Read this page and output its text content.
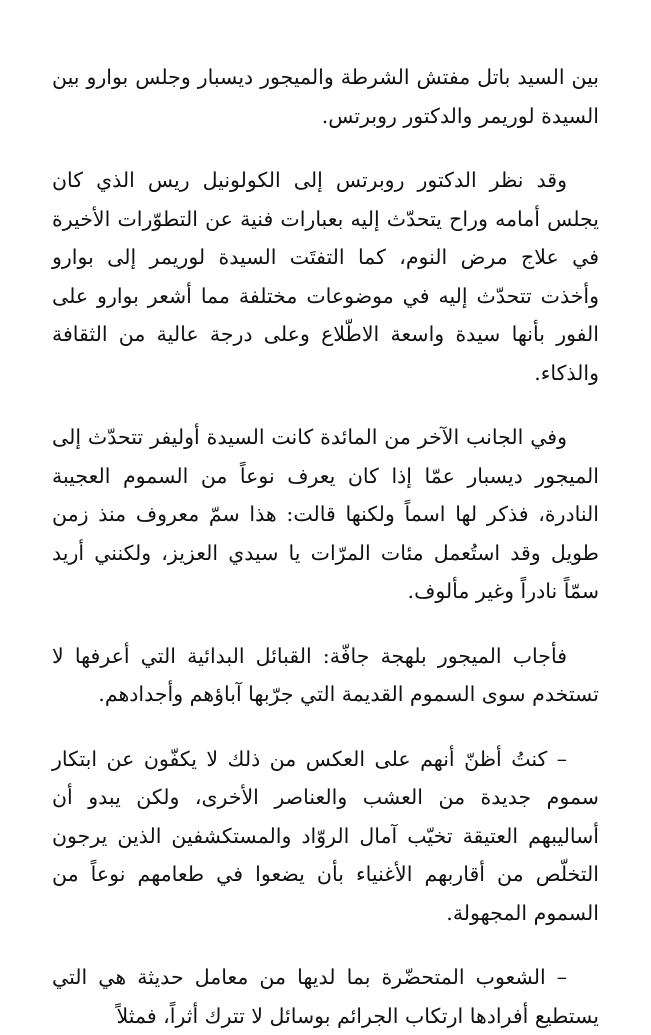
بين السيد باتل مفتش الشرطة والميجور ديسبار وجلس بوارو بين السيدة لوريمر والدكتور روبرتس.

وقد نظر الدكتور روبرتس إلى الكولونيل ريس الذي كان يجلس أمامه وراح يتحدّث إليه بعبارات فنية عن التطوّرات الأخيرة في علاج مرض النوم، كما التفتَت السيدة لوريمر إلى بوارو وأخذت تتحدّث إليه في موضوعات مختلفة مما أشعر بوارو على الفور بأنها سيدة واسعة الاطّلاع وعلى درجة عالية من الثقافة والذكاء.

وفي الجانب الآخر من المائدة كانت السيدة أوليفر تتحدّث إلى الميجور ديسبار عمّا إذا كان يعرف نوعاً من السموم العجيبة النادرة، فذكر لها اسماً ولكنها قالت: هذا سمّ معروف منذ زمن طويل وقد استُعمل مئات المرّات يا سيدي العزيز، ولكنني أريد سمّاً نادراً وغير مألوف.

فأجاب الميجور بلهجة جافّة: القبائل البدائية التي أعرفها لا تستخدم سوى السموم القديمة التي جرّبها آباؤهم وأجدادهم.

– كنتُ أظنّ أنهم على العكس من ذلك لا يكفّون عن ابتكار سموم جديدة من العشب والعناصر الأخرى، ولكن يبدو أن أساليبهم العتيقة تخيّب آمال الروّاد والمستكشفين الذين يرجون التخلّص من أقاربهم الأغنياء بأن يضعوا في طعامهم نوعاً من السموم المجهولة.

– الشعوب المتحضّرة بما لديها من معامل حديثة هي التي يستطيع أفرادها ارتكاب الجرائم بوسائل لا تترك أثراً، فمثلاً
